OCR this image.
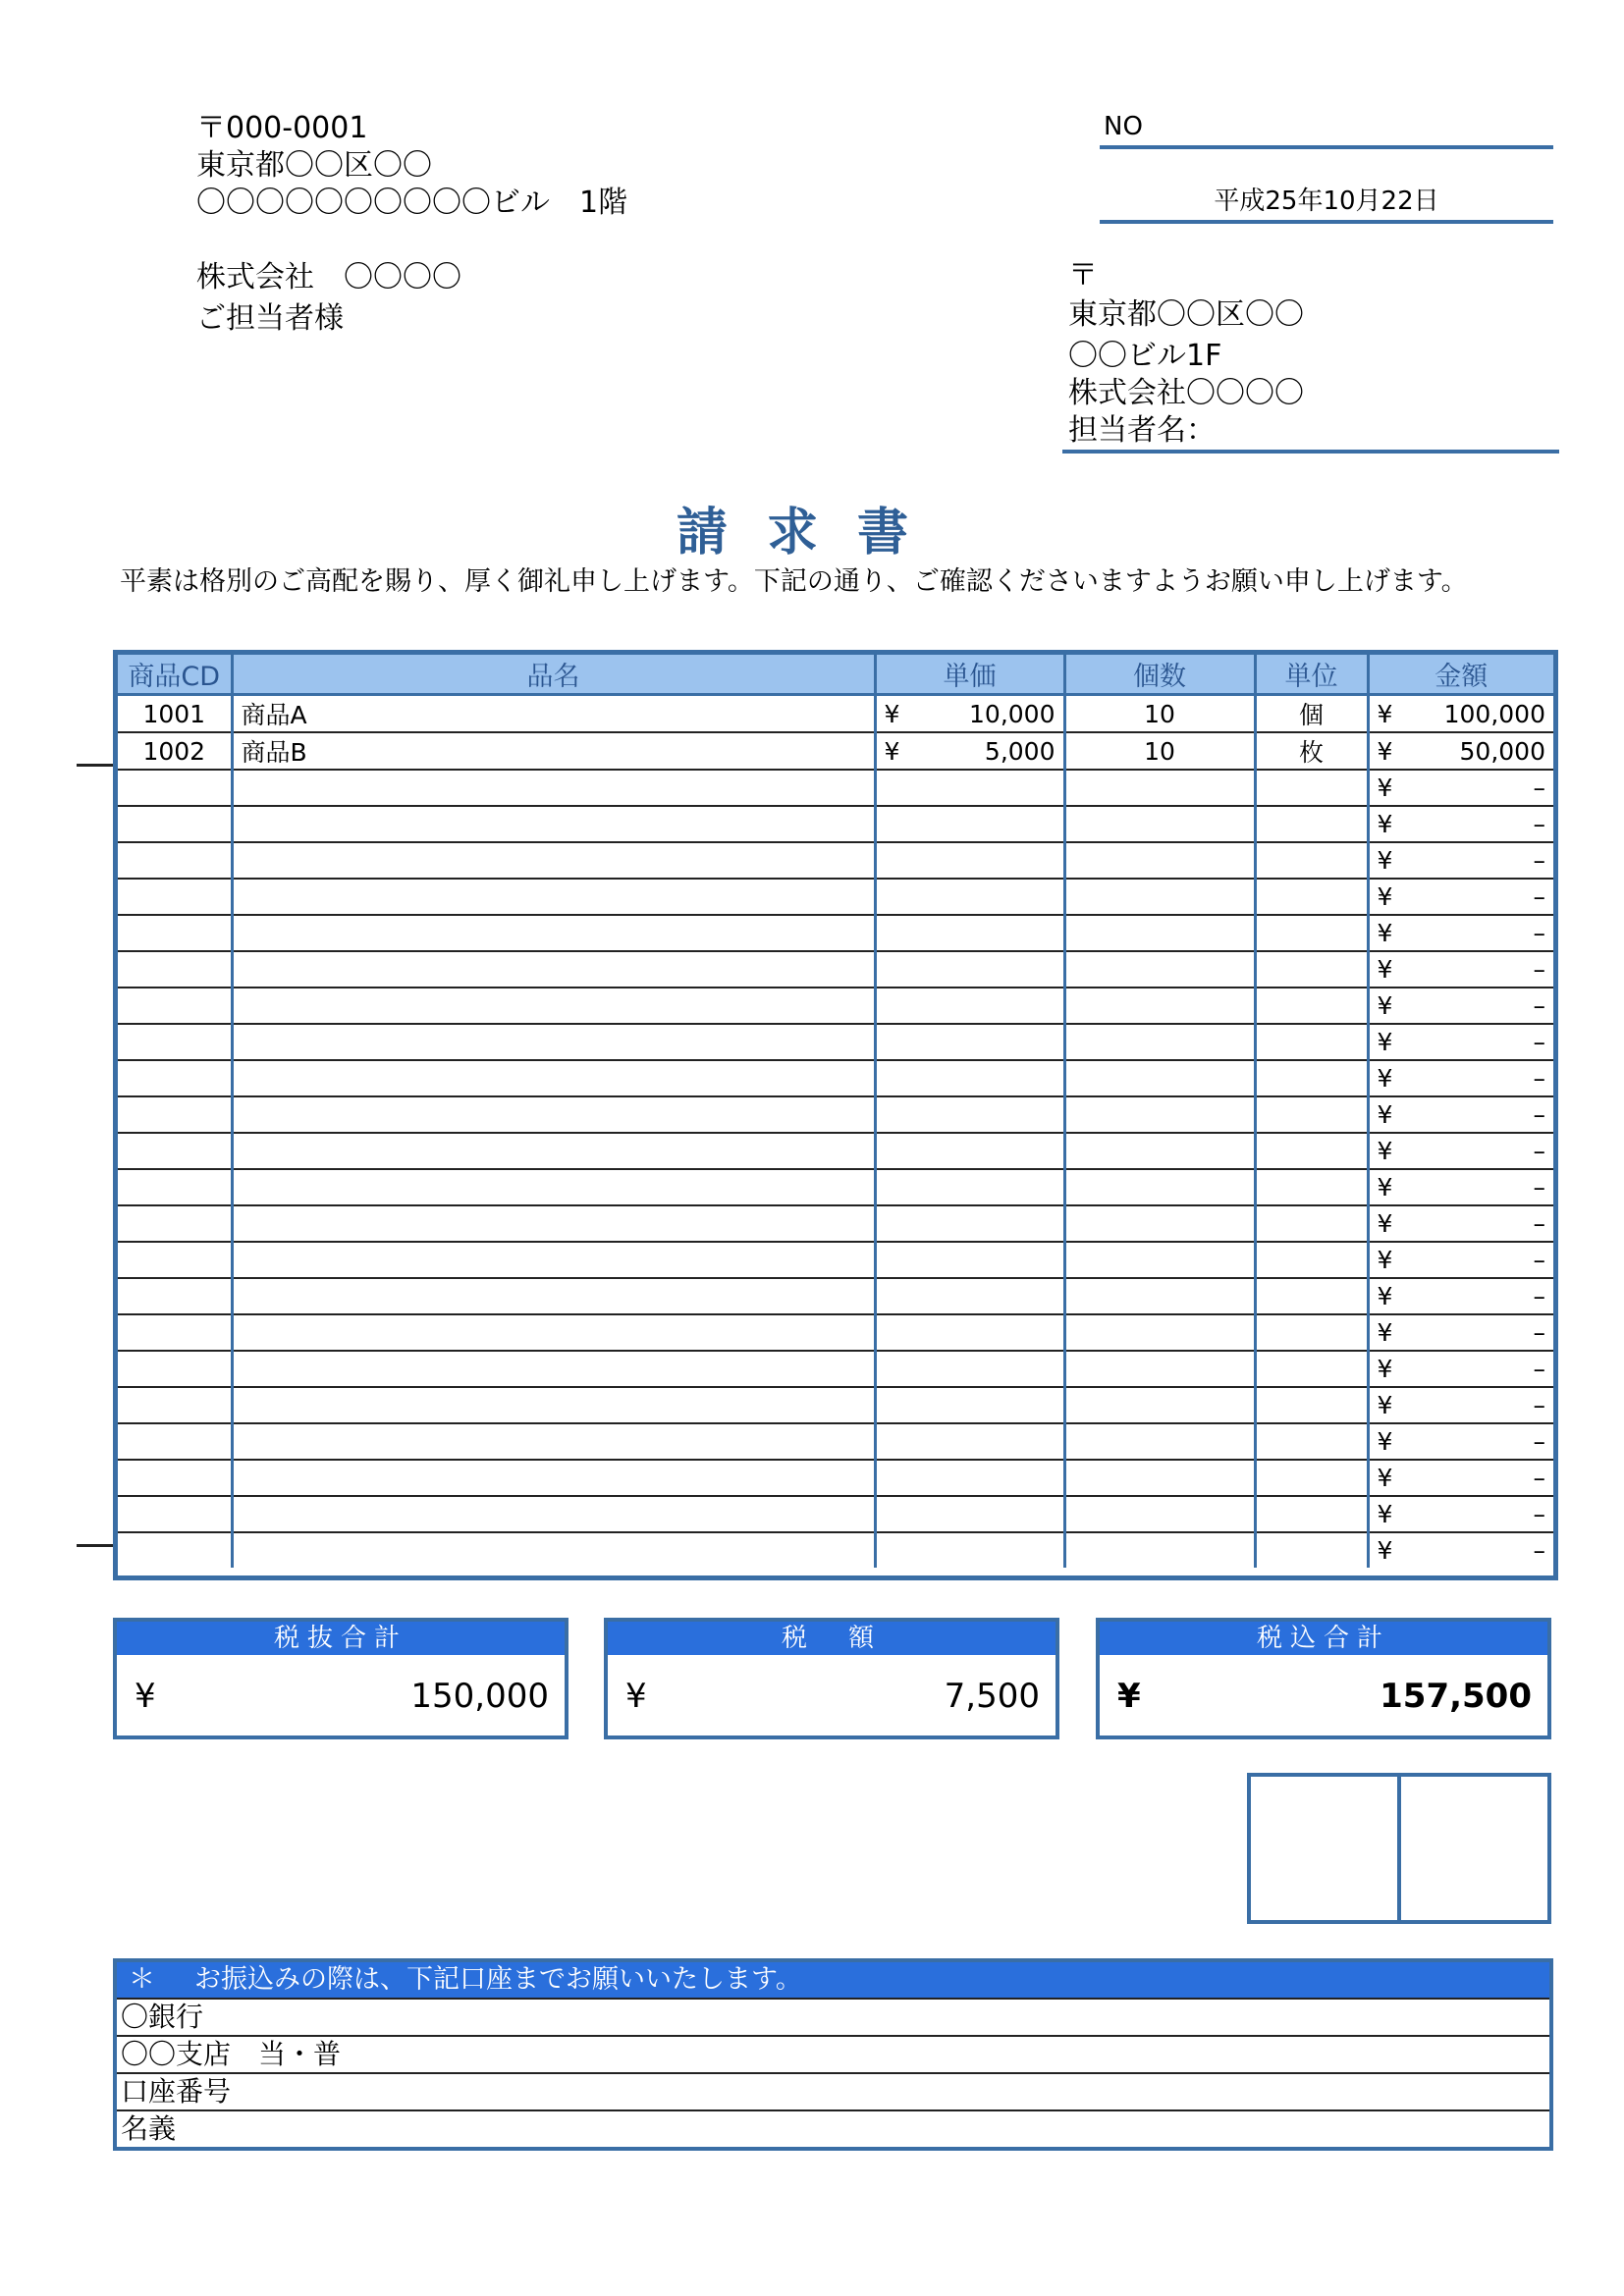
〒000-0001
東京都〇〇区〇〇
〇〇〇〇〇〇〇〇〇〇ビル　1階
株式会社　〇〇〇〇
ご担当者様
NO
平成25年10月22日
〒
東京都〇〇区〇〇
〇〇ビル1F
株式会社〇〇〇〇
担当者名：
請求書
平素は格別のご高配を賜り、厚く御礼申し上げます。下記の通り、ご確認くださいますようお願い申し上げます。
商品CD	品名	単価	個数	単位	金額
1001	商品A	¥ 10,000	10	個	¥ 100,000
1002	商品B	¥ 5,000	10	枚	¥ 50,000

					¥ –

					¥ –

					¥ –

					¥ –

					¥ –

					¥ –

					¥ –

					¥ –

					¥ –

					¥ –

					¥ –

					¥ –

					¥ –

					¥ –

					¥ –

					¥ –

					¥ –

					¥ –

					¥ –

					¥ –

					¥ –

					¥ –
税抜合計
¥	150,000
税　額
¥	7,500
税込合計
¥	157,500
＊ お振込みの際は、下記口座までお願いいたします。
〇銀行
〇〇支店　当・普
口座番号
名義
